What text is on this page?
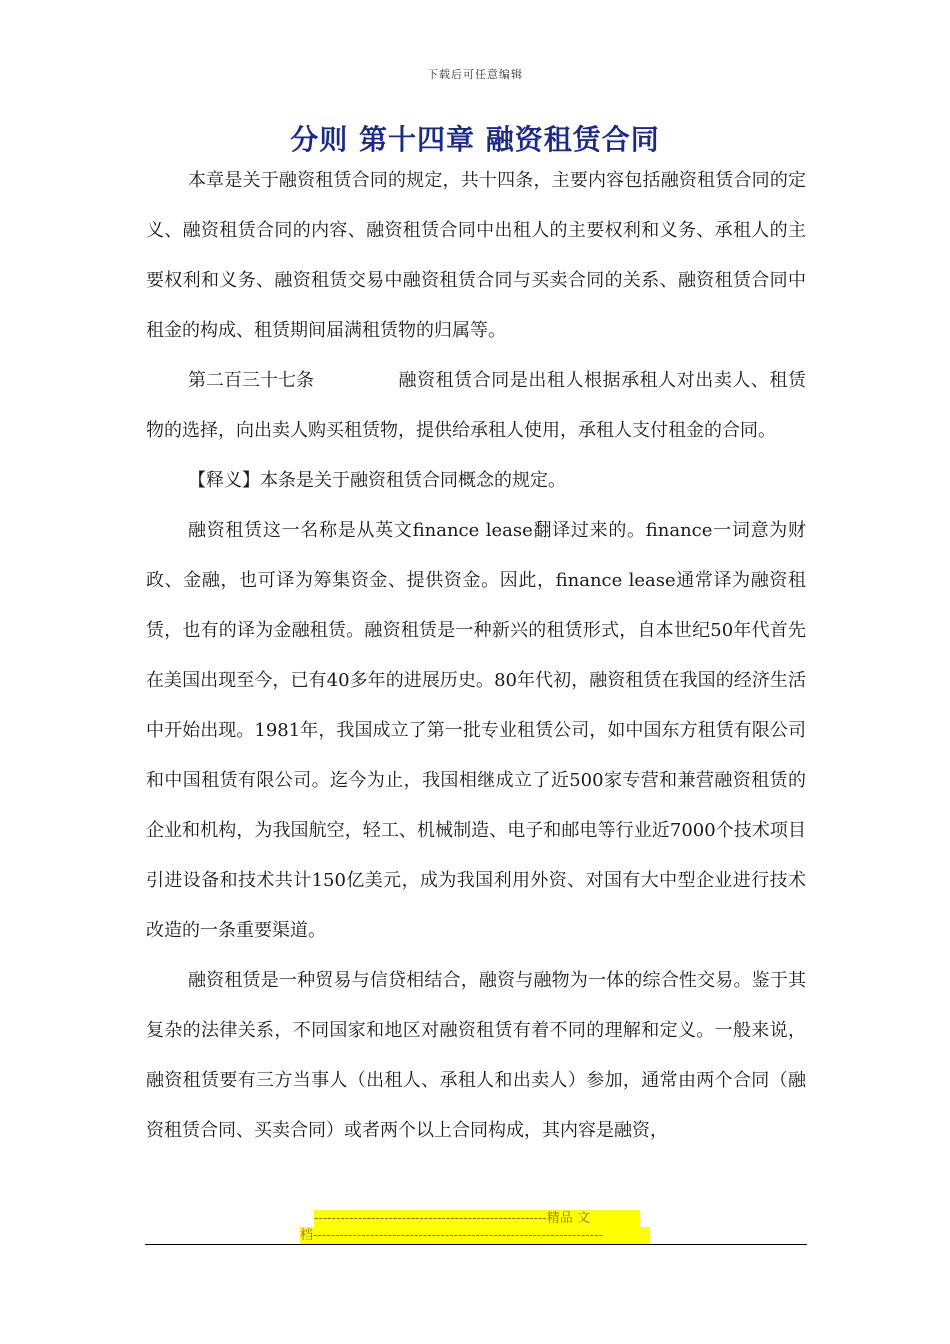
下载后可任意编辑
分则 第十四章 融资租赁合同

本章是关于融资租赁合同的规定，共十四条，主要内容包括融资租赁合同的定义、融资租赁合同的内容、融资租赁合同中出租人的主要权利和义务、承租人的主要权利和义务、融资租赁交易中融资租赁合同与买卖合同的关系、融资租赁合同中租金的构成、租赁期间届满租赁物的归属等。

第二百三十七条	融资租赁合同是出租人根据承租人对出卖人、租赁物的选择，向出卖人购买租赁物，提供给承租人使用，承租人支付租金的合同。

【释义】本条是关于融资租赁合同概念的规定。

融资租赁这一名称是从英文finance lease翻译过来的。finance一词意为财政、金融，也可译为筹集资金、提供资金。因此，finance lease通常译为融资租赁，也有的译为金融租赁。融资租赁是一种新兴的租赁形式，自本世纪50年代首先在美国出现至今，已有40多年的进展历史。80年代初，融资租赁在我国的经济生活中开始出现。1981年，我国成立了第一批专业租赁公司，如中国东方租赁有限公司和中国租赁有限公司。迄今为止，我国相继成立了近500家专营和兼营融资租赁的企业和机构，为我国航空，轻工、机械制造、电子和邮电等行业近7000个技术项目引进设备和技术共计150亿美元，成为我国利用外资、对国有大中型企业进行技术改造的一条重要渠道。

融资租赁是一种贸易与信贷相结合，融资与融物为一体的综合性交易。鉴于其复杂的法律关系，不同国家和地区对融资租赁有着不同的理解和定义。一般来说，融资租赁要有三方当事人（出租人、承租人和出卖人）参加，通常由两个合同（融资租赁合同、买卖合同）或者两个以上合同构成，其内容是融资，

-----------------------------------------------------精品 文
档------------------------------------------------------------------
